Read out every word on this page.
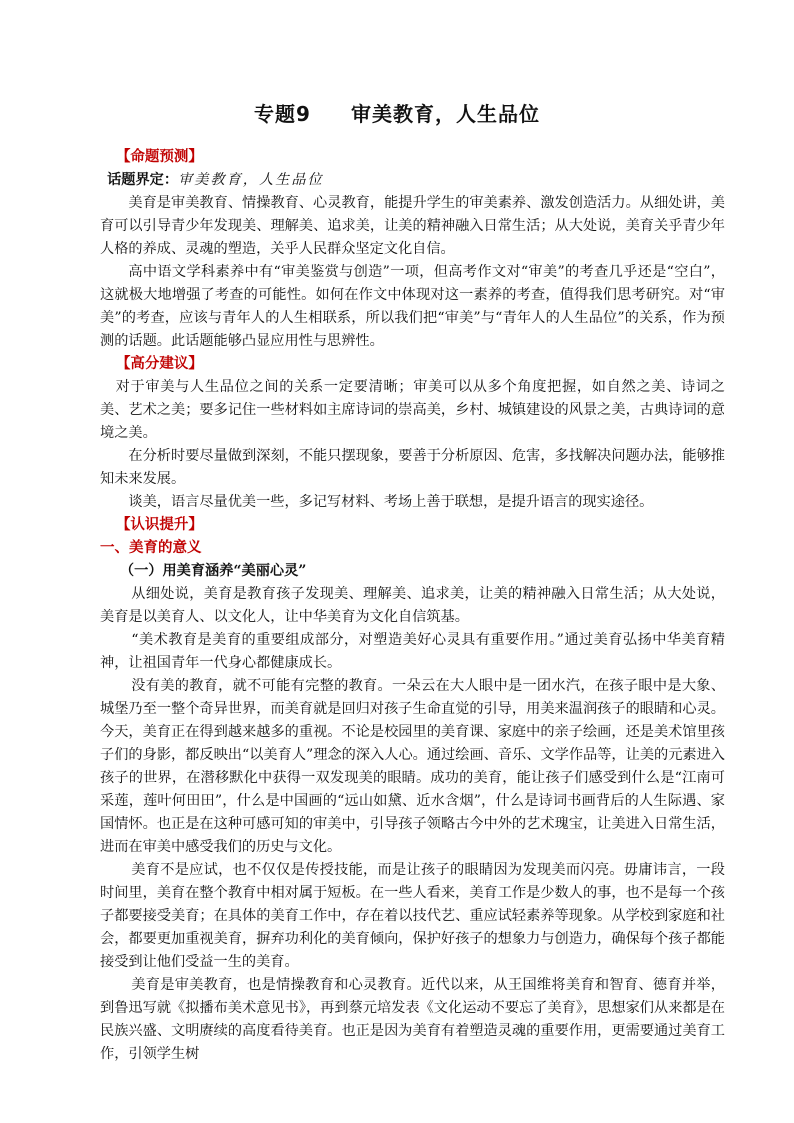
专题9 审美教育，人生品位

【命题预测】

话题界定：审美教育，人生品位

美育是审美教育、情操教育、心灵教育，能提升学生的审美素养、激发创造活力。从细处讲，美育可以引导青少年发现美、理解美、追求美，让美的精神融入日常生活；从大处说，美育关乎青少年人格的养成、灵魂的塑造，关乎人民群众坚定文化自信。

高中语文学科素养中有“审美鉴赏与创造”一项，但高考作文对“审美”的考查几乎还是“空白”，这就极大地增强了考查的可能性。如何在作文中体现对这一素养的考查，值得我们思考研究。对“审美”的考查，应该与青年人的人生相联系，所以我们把“审美”与“青年人的人生品位”的关系，作为预测的话题。此话题能够凸显应用性与思辨性。

【高分建议】

对于审美与人生品位之间的关系一定要清晰；审美可以从多个角度把握，如自然之美、诗词之美、艺术之美；要多记住一些材料如主席诗词的崇高美，乡村、城镇建设的风景之美，古典诗词的意境之美。

在分析时要尽量做到深刻，不能只摆现象，要善于分析原因、危害，多找解决问题办法，能够推知未来发展。

谈美，语言尽量优美一些，多记写材料、考场上善于联想，是提升语言的现实途径。

【认识提升】

一、美育的意义

（一）用美育涵养“美丽心灵”

从细处说，美育是教育孩子发现美、理解美、追求美，让美的精神融入日常生活；从大处说，美育是以美育人、以文化人，让中华美育为文化自信筑基。

“美术教育是美育的重要组成部分，对塑造美好心灵具有重要作用。”通过美育弘扬中华美育精神，让祖国青年一代身心都健康成长。

没有美的教育，就不可能有完整的教育。一朵云在大人眼中是一团水汽，在孩子眼中是大象、城堡乃至一整个奇异世界，而美育就是回归对孩子生命直觉的引导，用美来温润孩子的眼睛和心灵。今天，美育正在得到越来越多的重视。不论是校园里的美育课、家庭中的亲子绘画，还是美术馆里孩子们的身影，都反映出“以美育人”理念的深入人心。通过绘画、音乐、文学作品等，让美的元素进入孩子的世界，在潜移默化中获得一双发现美的眼睛。成功的美育，能让孩子们感受到什么是“江南可采莲，莲叶何田田”，什么是中国画的“远山如黛、近水含烟”，什么是诗词书画背后的人生际遇、家国情怀。也正是在这种可感可知的审美中，引导孩子领略古今中外的艺术瑰宝，让美进入日常生活，进而在审美中感受我们的历史与文化。

美育不是应试，也不仅仅是传授技能，而是让孩子的眼睛因为发现美而闪亮。毋庸讳言，一段时间里，美育在整个教育中相对属于短板。在一些人看来，美育工作是少数人的事，也不是每一个孩子都要接受美育；在具体的美育工作中，存在着以技代艺、重应试轻素养等现象。从学校到家庭和社会，都要更加重视美育，摒弃功利化的美育倾向，保护好孩子的想象力与创造力，确保每个孩子都能接受到让他们受益一生的美育。

美育是审美教育，也是情操教育和心灵教育。近代以来，从王国维将美育和智育、德育并举，到鲁迅写就《拟播布美术意见书》，再到蔡元培发表《文化运动不要忘了美育》，思想家们从来都是在民族兴盛、文明赓续的高度看待美育。也正是因为美育有着塑造灵魂的重要作用，更需要通过美育工作，引领学生树
